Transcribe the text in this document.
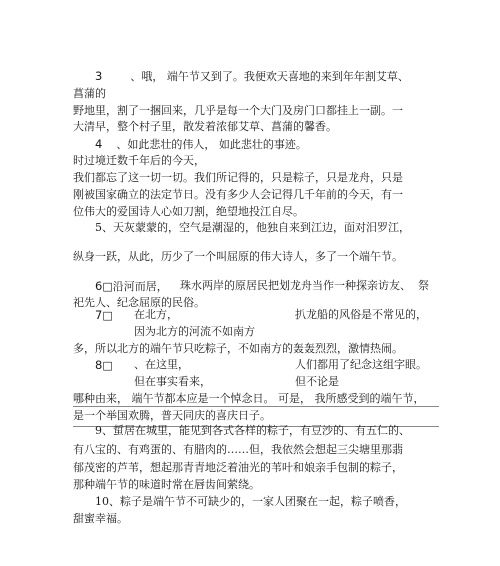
3	、哦， 端午节又到了。我便欢天喜地的来到年年割艾草、
菖蒲的
野地里，割了一捆回来，几乎是每一个大门及房门口都挂上一副。一
大清早，整个村子里，散发着浓郁艾草、菖蒲的馨香。
4 、如此悲壮的伟人， 如此悲壮的事迹。
时过境迁数千年后的今天，
我们都忘了这一切一切。我们所记得的，只是粽子，只是龙舟，只是
刚被国家确立的法定节日。没有多少人会记得几千年前的今天，有一
位伟大的爱国诗人心如刀割，绝望地投江自尽。
5、天灰蒙蒙的，空气是潮湿的，他独自来到江边，面对汨罗江，
纵身一跃，从此，历少了一个叫屈原的伟大诗人，多了一个端午节。
6□沿河而居， 珠水两岸的原居民把划龙舟当作一种探亲访友、 祭
祀先人、纪念屈原的民俗。
7□ 在北方，	扒龙船的风俗是不常见的，
因为北方的河流不如南方
多，所以北方的端午节只吃粽子，不如南方的轰轰烈烈，激情热闹。
8□ 、在这里，	人们都用了纪念这组字眼。
但在事实看来，	但不论是
哪种由来， 端午节都本应是一个悼念日。 可是， 我所感受到的端午节，
是一个举国欢腾，普天同庆的喜庆日子。
9、蜇居在城里，能见到各式各样的粽子，有豆沙的、有五仁的、
有八宝的、有鸡蛋的、有腊肉的……但，我依然会想起三尖塘里那翡
郁茂密的芦苇，想起那青青地泛着油光的苇叶和娘亲手包制的粽子，
那种端午节的味道时常在唇齿间萦绕。
10、粽子是端午节不可缺少的，一家人团聚在一起，粽子喷香，
甜蜜幸福。
